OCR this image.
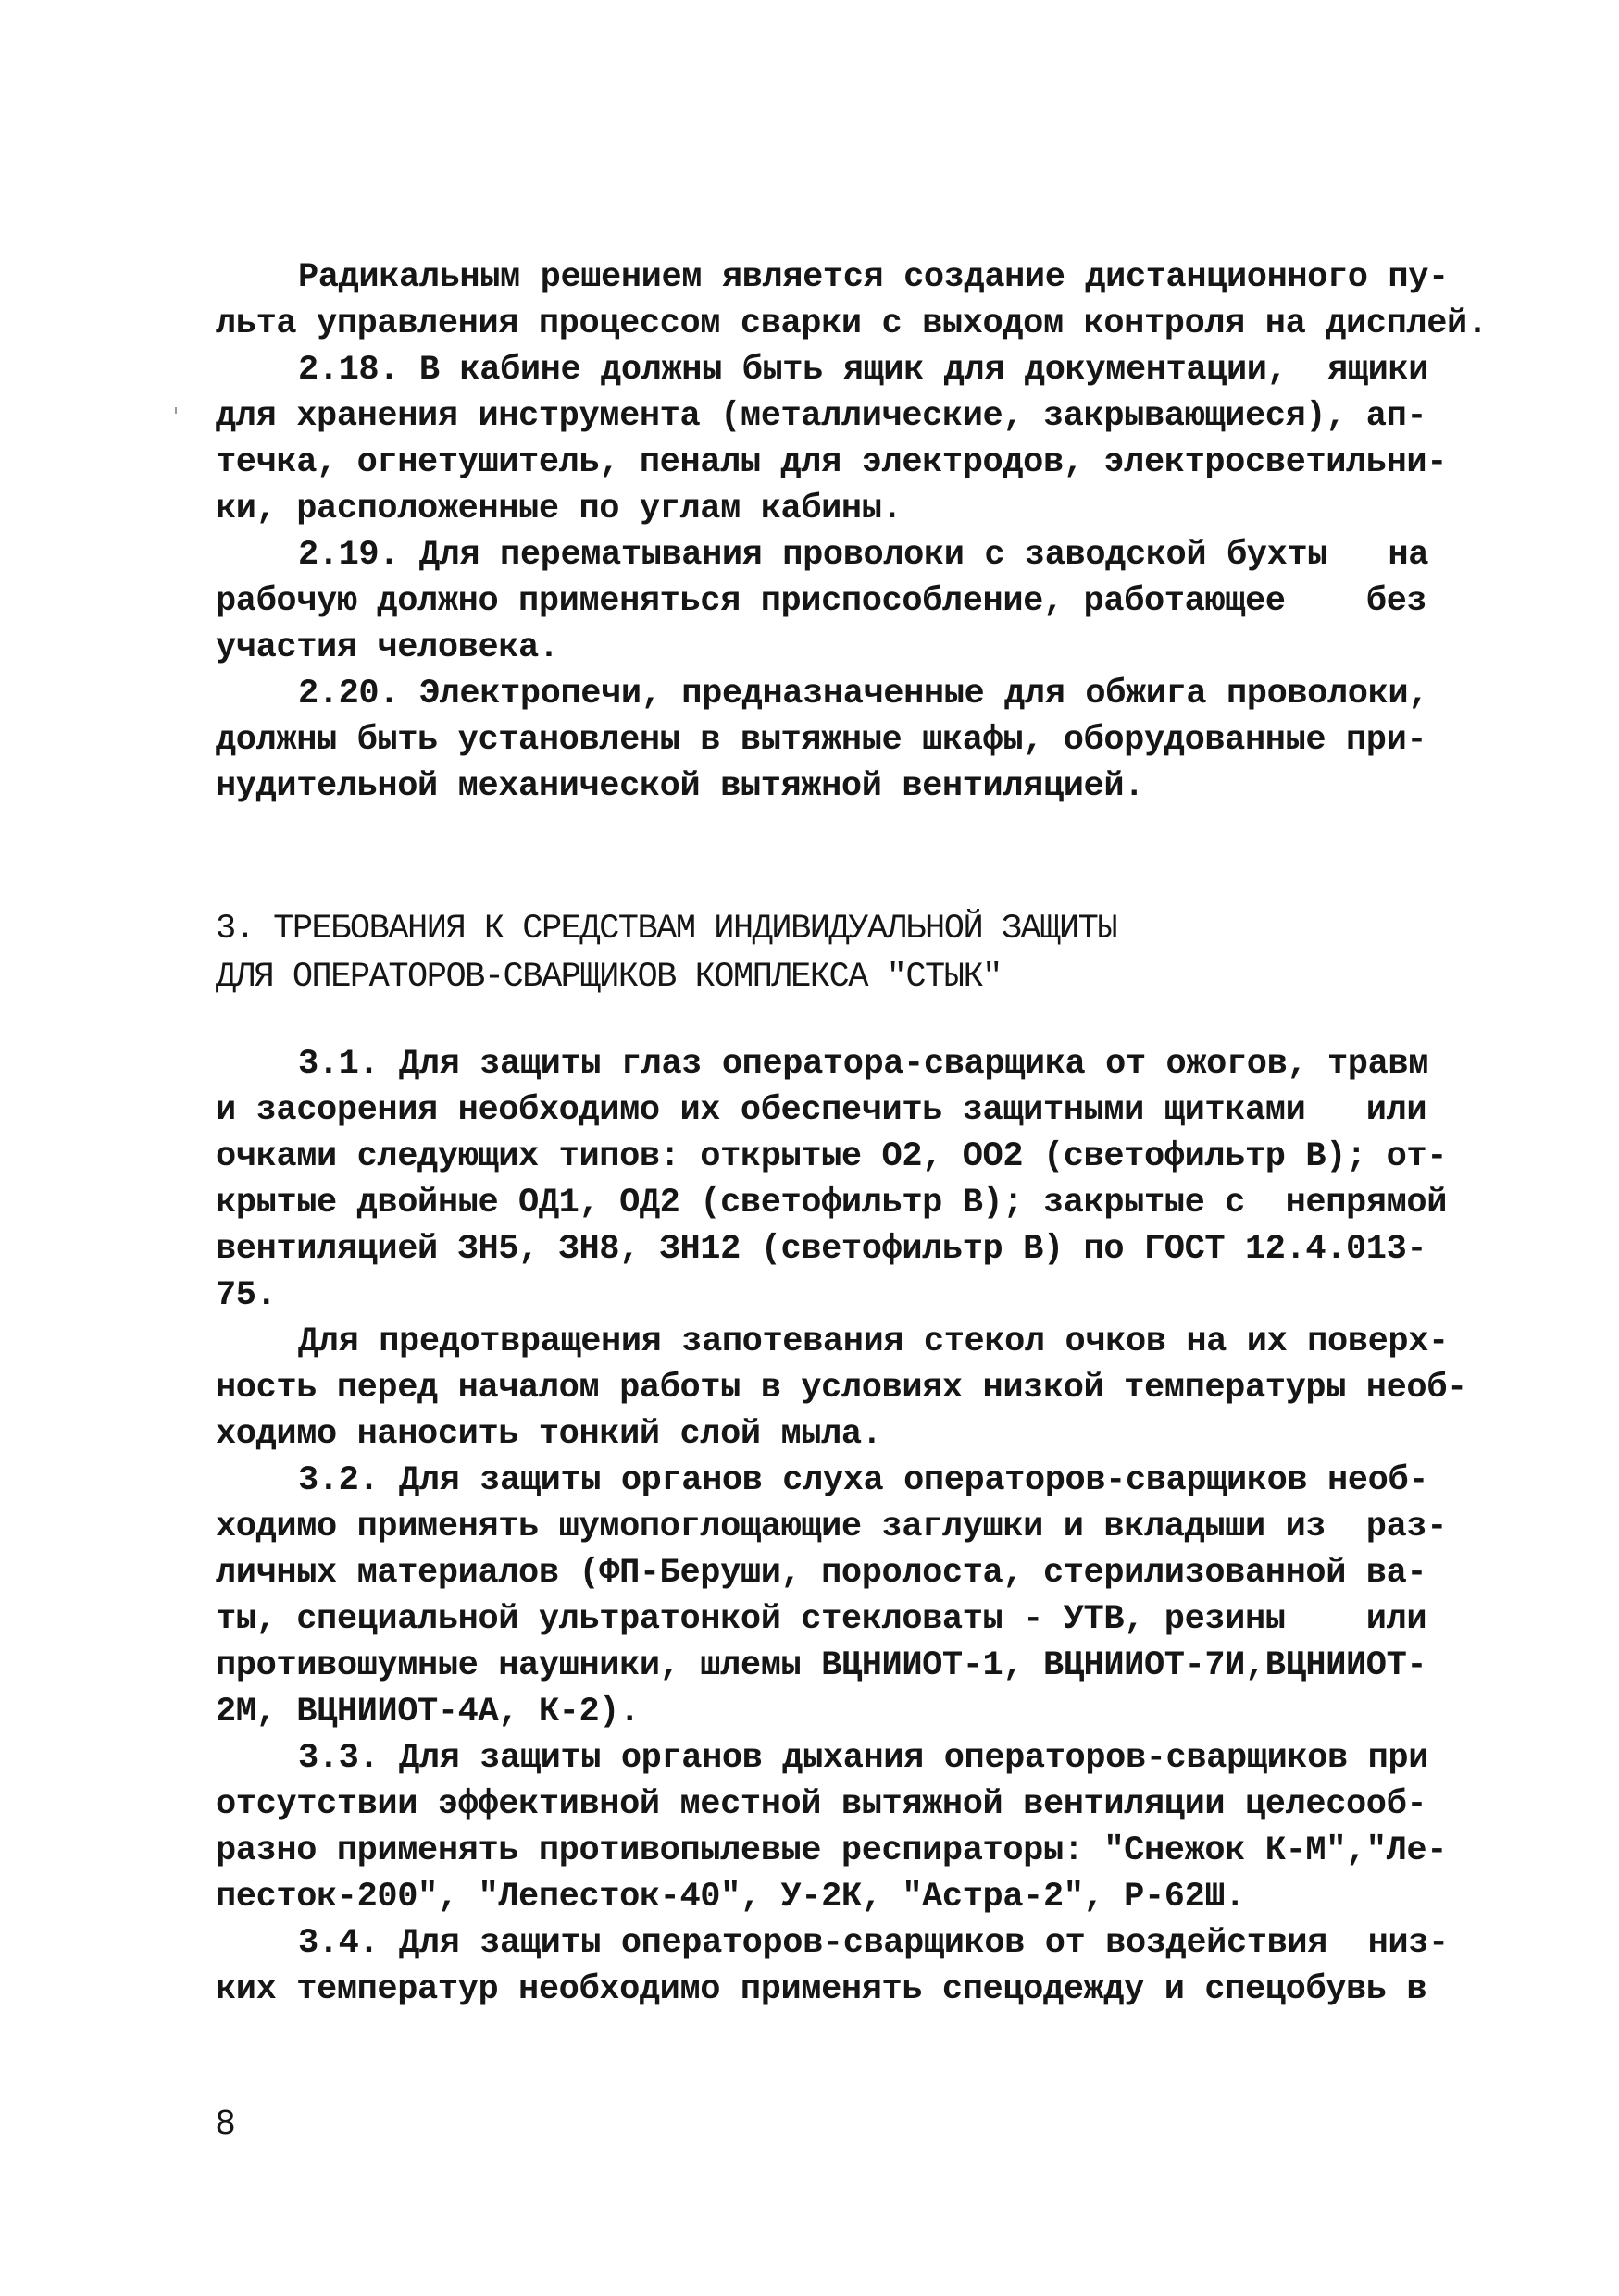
Радикальным решением является создание дистанционного пу-
льта управления процессом сварки с выходом контроля на дисплей.
2.18. В кабине должны быть ящик для документации,  ящики
для хранения инструмента (металлические, закрывающиеся), ап-
течка, огнетушитель, пеналы для электродов, электросветильни-
ки, расположенные по углам кабины.
2.19. Для перематывания проволоки с заводской бухты   на
рабочую должно применяться приспособление, работающее    без
участия человека.
2.20. Электропечи, предназначенные для обжига проволоки,
должны быть установлены в вытяжные шкафы, оборудованные при-
нудительной механической вытяжной вентиляцией.
3. ТРЕБОВАНИЯ К СРЕДСТВАМ ИНДИВИДУАЛЬНОЙ ЗАЩИТЫ
ДЛЯ ОПЕРАТОРОВ-СВАРЩИКОВ КОМПЛЕКСА "СТЫК"
3.1. Для защиты глаз оператора-сварщика от ожогов, травм
и засорения необходимо их обеспечить защитными щитками   или
очками следующих типов: открытые О2, ОО2 (светофильтр В); от-
крытые двойные ОД1, ОД2 (светофильтр В); закрытые с  непрямой
вентиляцией ЗН5, ЗН8, ЗН12 (светофильтр В) по ГОСТ 12.4.013-
75.
Для предотвращения запотевания стекол очков на их поверх-
ность перед началом работы в условиях низкой температуры необ-
ходимо наносить тонкий слой мыла.
3.2. Для защиты органов слуха операторов-сварщиков необ-
ходимо применять шумопоглощающие заглушки и вкладыши из  раз-
личных материалов (ФП-Беруши, поролоста, стерилизованной ва-
ты, специальной ультратонкой стекловаты - УТВ, резины    или
противошумные наушники, шлемы ВЦНИИОТ-1, ВЦНИИОТ-7И,ВЦНИИОТ-
2М, ВЦНИИОТ-4А, К-2).
3.3. Для защиты органов дыхания операторов-сварщиков при
отсутствии эффективной местной вытяжной вентиляции целесооб-
разно применять противопылевые респираторы: "Снежок К-М","Ле-
песток-200", "Лепесток-40", У-2К, "Астра-2", Р-62Ш.
3.4. Для защиты операторов-сварщиков от воздействия  низ-
ких температур необходимо применять спецодежду и спецобувь в
8
